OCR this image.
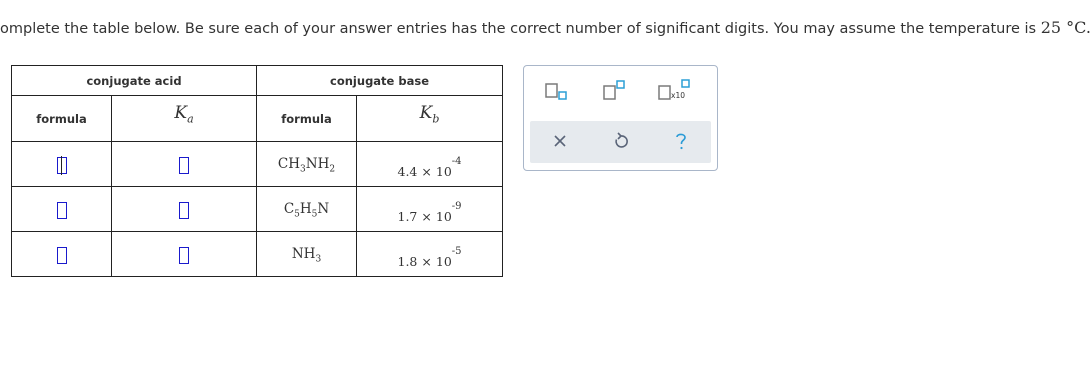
omplete the table below. Be sure each of your answer entries has the correct number of significant digits. You may assume the temperature is 25 °C.
conjugate acid		conjugate base	
formula	$K_a$	formula	$K_b$
		$CH_3NH_2$	$_{4.4 \times 10^{-4}}$
		$C_5H_5N$	$_{1.7 \times 10^{-9}}$
		$NH_3$	$_{1.8 \times 10^{-5}}$
x10
